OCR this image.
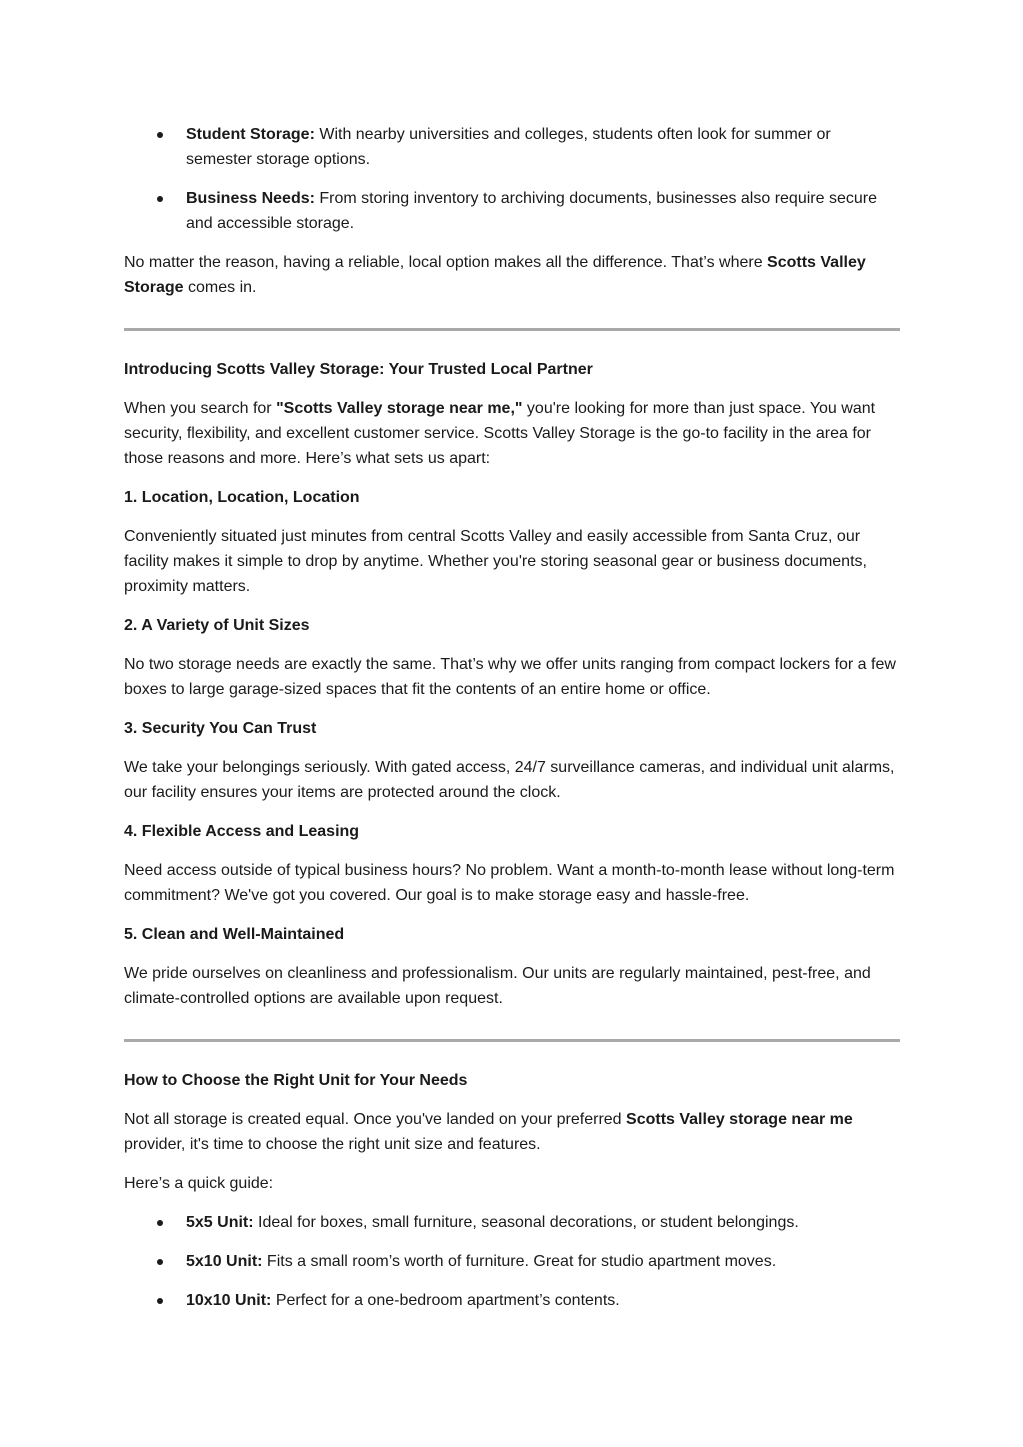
Student Storage: With nearby universities and colleges, students often look for summer or semester storage options.
Business Needs: From storing inventory to archiving documents, businesses also require secure and accessible storage.

No matter the reason, having a reliable, local option makes all the difference. That’s where Scotts Valley Storage comes in.

Introducing Scotts Valley Storage: Your Trusted Local Partner

When you search for "Scotts Valley storage near me," you're looking for more than just space. You want security, flexibility, and excellent customer service. Scotts Valley Storage is the go-to facility in the area for those reasons and more. Here’s what sets us apart:

1. Location, Location, Location

Conveniently situated just minutes from central Scotts Valley and easily accessible from Santa Cruz, our facility makes it simple to drop by anytime. Whether you're storing seasonal gear or business documents, proximity matters.

2. A Variety of Unit Sizes

No two storage needs are exactly the same. That’s why we offer units ranging from compact lockers for a few boxes to large garage-sized spaces that fit the contents of an entire home or office.

3. Security You Can Trust

We take your belongings seriously. With gated access, 24/7 surveillance cameras, and individual unit alarms, our facility ensures your items are protected around the clock.

4. Flexible Access and Leasing

Need access outside of typical business hours? No problem. Want a month-to-month lease without long-term commitment? We've got you covered. Our goal is to make storage easy and hassle-free.

5. Clean and Well-Maintained

We pride ourselves on cleanliness and professionalism. Our units are regularly maintained, pest-free, and climate-controlled options are available upon request.

How to Choose the Right Unit for Your Needs

Not all storage is created equal. Once you've landed on your preferred Scotts Valley storage near me provider, it's time to choose the right unit size and features.

Here’s a quick guide:

5x5 Unit: Ideal for boxes, small furniture, seasonal decorations, or student belongings.
5x10 Unit: Fits a small room’s worth of furniture. Great for studio apartment moves.
10x10 Unit: Perfect for a one-bedroom apartment’s contents.
